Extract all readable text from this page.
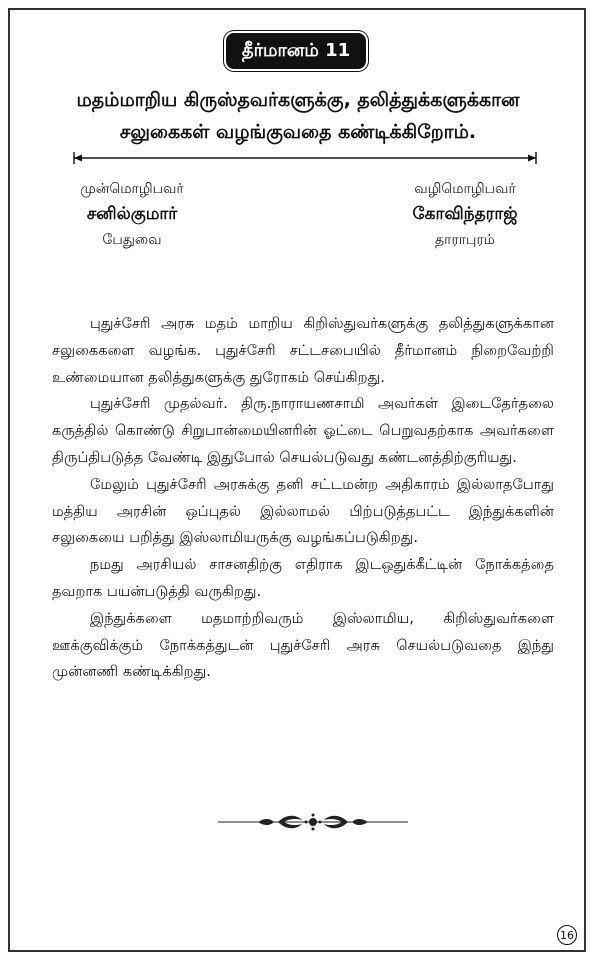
தீர்மானம் 11
மதம்மாறிய கிருஸ்தவர்களுக்கு, தலித்துக்களுக்கான
சலுகைகள் வழங்குவதை கண்டிக்கிறோம்.
முன்மொழிபவர்
சனில்குமார்
பேதுவை
வழிமொழிபவர்
கோவிந்தராஜ்
தாராபுரம்

புதுச்சேரி அரசு மதம் மாறிய கிறிஸ்துவர்களுக்கு தலித்துகளுக்கான சலுகைகளை வழங்க. புதுச்சேரி சட்டசபையில் தீர்மானம் நிறைவேற்றி உண்மையான தலித்துகளுக்கு துரோகம் செய்கிறது.

புதுச்சேரி முதல்வர். திரு.நாராயணசாமி அவர்கள் இடைதேர்தலை கருத்தில் கொண்டு சிறுபான்மையினரின் ஓட்டை பெறுவதற்காக அவர்களை திருப்திபடுத்த வேண்டி இதுபோல் செயல்படுவது கண்டனத்திற்குரியது.

மேலும் புதுச்சேரி அரசுக்கு தனி சட்டமன்ற அதிகாரம் இல்லாதபோது மத்திய அரசின் ஒப்புதல் இல்லாமல் பிற்படுத்தபட்ட இந்துக்களின் சலுகையை பறித்து இஸ்லாமியருக்கு வழங்கப்படுகிறது.

நமது அரசியல் சாசனதிற்கு எதிராக இடஒதுக்கீட்டின் நோக்கத்தை தவறாக பயன்படுத்தி வருகிறது.

இந்துக்களை மதமாற்றிவரும் இஸ்லாமிய, கிறிஸ்துவர்களை ஊக்குவிக்கும் நோக்கத்துடன் புதுச்சேரி அரசு செயல்படுவதை இந்து முன்னணி கண்டிக்கிறது.

16
